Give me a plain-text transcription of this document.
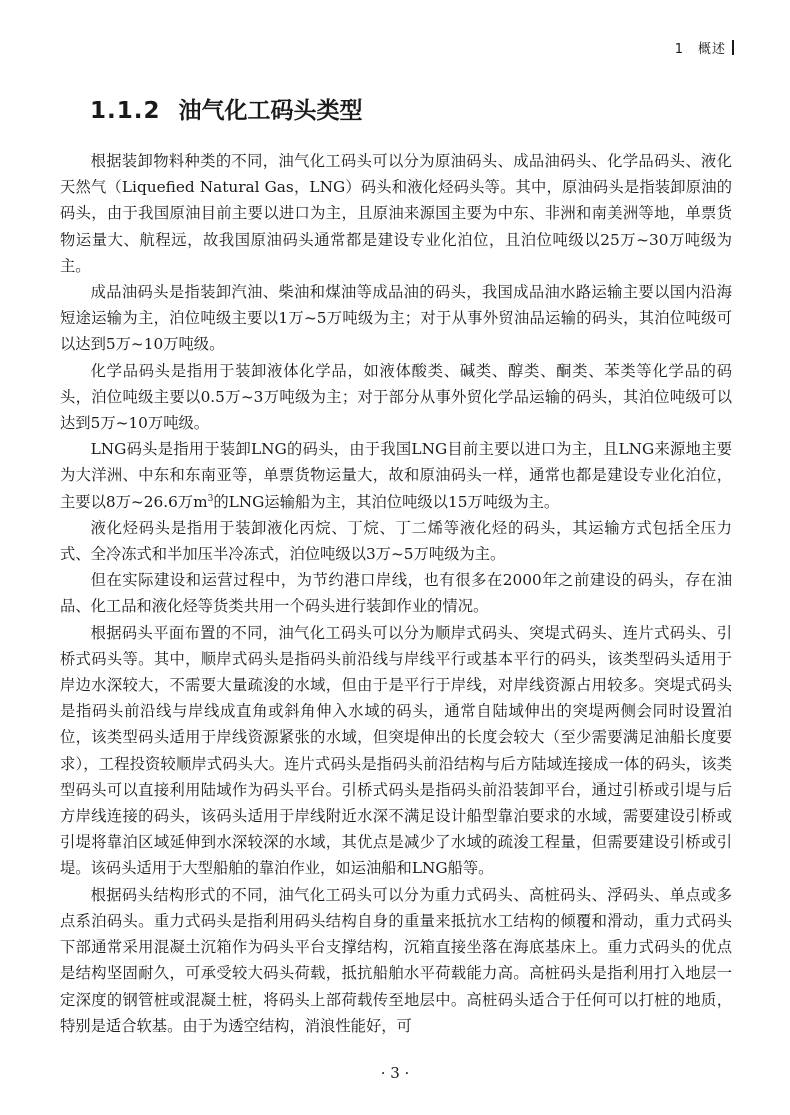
1 概述
1.1.2 油气化工码头类型

根据装卸物料种类的不同，油气化工码头可以分为原油码头、成品油码头、化学品码头、液化天然气（Liquefied Natural Gas，LNG）码头和液化烃码头等。其中，原油码头是指装卸原油的码头，由于我国原油目前主要以进口为主，且原油来源国主要为中东、非洲和南美洲等地，单票货物运量大、航程远，故我国原油码头通常都是建设专业化泊位，且泊位吨级以25万~30万吨级为主。

成品油码头是指装卸汽油、柴油和煤油等成品油的码头，我国成品油水路运输主要以国内沿海短途运输为主，泊位吨级主要以1万~5万吨级为主；对于从事外贸油品运输的码头，其泊位吨级可以达到5万~10万吨级。

化学品码头是指用于装卸液体化学品，如液体酸类、碱类、醇类、酮类、苯类等化学品的码头，泊位吨级主要以0.5万~3万吨级为主；对于部分从事外贸化学品运输的码头，其泊位吨级可以达到5万~10万吨级。

LNG码头是指用于装卸LNG的码头，由于我国LNG目前主要以进口为主，且LNG来源地主要为大洋洲、中东和东南亚等，单票货物运量大，故和原油码头一样，通常也都是建设专业化泊位，主要以8万~26.6万$m^3$的LNG运输船为主，其泊位吨级以15万吨级为主。

液化烃码头是指用于装卸液化丙烷、丁烷、丁二烯等液化烃的码头，其运输方式包括全压力式、全冷冻式和半加压半冷冻式，泊位吨级以3万~5万吨级为主。

但在实际建设和运营过程中，为节约港口岸线，也有很多在2000年之前建设的码头，存在油品、化工品和液化烃等货类共用一个码头进行装卸作业的情况。

根据码头平面布置的不同，油气化工码头可以分为顺岸式码头、突堤式码头、连片式码头、引桥式码头等。其中，顺岸式码头是指码头前沿线与岸线平行或基本平行的码头，该类型码头适用于岸边水深较大，不需要大量疏浚的水域，但由于是平行于岸线，对岸线资源占用较多。突堤式码头是指码头前沿线与岸线成直角或斜角伸入水域的码头，通常自陆域伸出的突堤两侧会同时设置泊位，该类型码头适用于岸线资源紧张的水域，但突堤伸出的长度会较大（至少需要满足油船长度要求），工程投资较顺岸式码头大。连片式码头是指码头前沿结构与后方陆域连接成一体的码头，该类型码头可以直接利用陆域作为码头平台。引桥式码头是指码头前沿装卸平台，通过引桥或引堤与后方岸线连接的码头，该码头适用于岸线附近水深不满足设计船型靠泊要求的水域，需要建设引桥或引堤将靠泊区域延伸到水深较深的水域，其优点是减少了水域的疏浚工程量，但需要建设引桥或引堤。该码头适用于大型船舶的靠泊作业，如运油船和LNG船等。

根据码头结构形式的不同，油气化工码头可以分为重力式码头、高桩码头、浮码头、单点或多点系泊码头。重力式码头是指利用码头结构自身的重量来抵抗水工结构的倾覆和滑动，重力式码头下部通常采用混凝土沉箱作为码头平台支撑结构，沉箱直接坐落在海底基床上。重力式码头的优点是结构坚固耐久，可承受较大码头荷载，抵抗船舶水平荷载能力高。高桩码头是指利用打入地层一定深度的钢管桩或混凝土桩，将码头上部荷载传至地层中。高桩码头适合于任何可以打桩的地质，特别是适合软基。由于为透空结构，消浪性能好，可

· 3 ·
